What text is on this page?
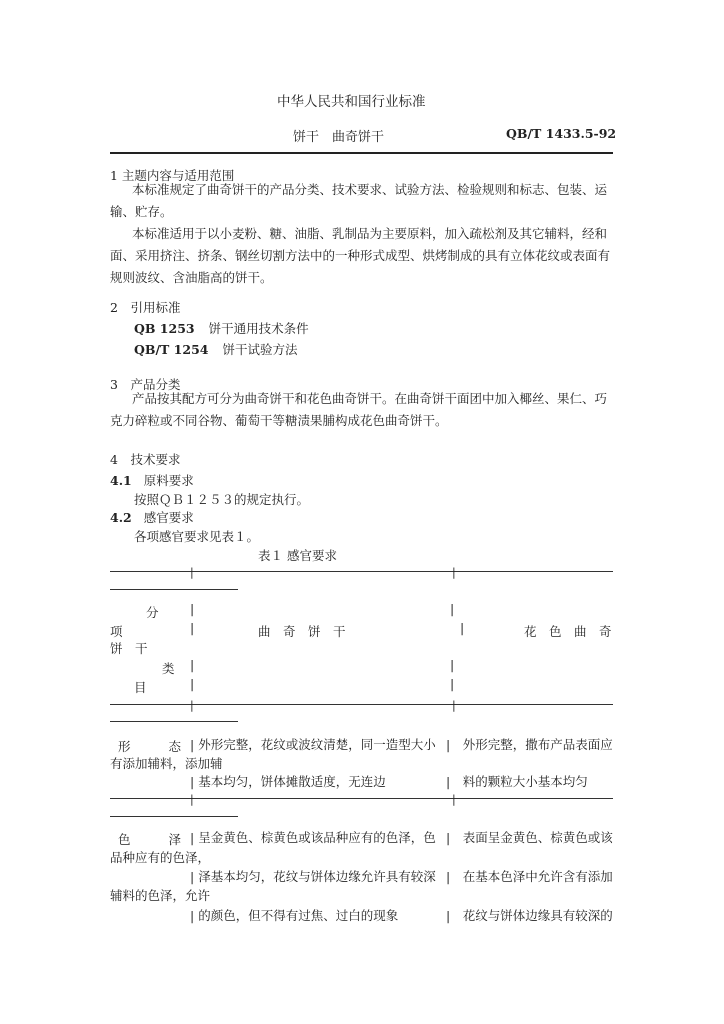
中华人民共和国行业标准
饼干　曲奇饼干	QB/T 1433.5-92
1 主题内容与适用范围
本标准规定了曲奇饼干的产品分类、技术要求、试验方法、检验规则和标志、包装、运输、贮存。
本标准适用于以小麦粉、糖、油脂、乳制品为主要原料，加入疏松剂及其它辅料，经和面、采用挤注、挤条、钢丝切割方法中的一种形式成型、烘烤制成的具有立体花纹或表面有规则波纹、含油脂高的饼干。
2　引用标准
QB 1253 饼干通用技术条件
QB/T 1254 饼干试验方法
3　产品分类
产品按其配方可分为曲奇饼干和花色曲奇饼干。在曲奇饼干面团中加入椰丝、果仁、巧克力碎粒或不同谷物、葡萄干等糖渍果脯构成花色曲奇饼干。
4　技术要求
4.1 原料要求
按照ＱＢ１２５３的规定执行。
4.2 感官要求
各项感官要求见表１。
表１ 感官要求
|	|
分	|	|
项	|	曲　奇　饼　干	|	花　色　曲　奇
饼　干
类 |	|
目	|	|
|	|
形	态 | 外形完整，花纹或波纹清楚，同一造型大小 |　外形完整，撒布产品表面应
有添加辅料，添加辅
| 基本均匀，饼体摊散适度，无连边	|　料的颗粒大小基本均匀
|	|
色	泽 | 呈金黄色、棕黄色或该品种应有的色泽，色 |　表面呈金黄色、棕黄色或该
品种应有的色泽，
| 泽基本均匀，花纹与饼体边缘允许具有较深 |　在基本色泽中允许含有添加
辅料的色泽，允许
| 的颜色，但不得有过焦、过白的现象	|　花纹与饼体边缘具有较深的
